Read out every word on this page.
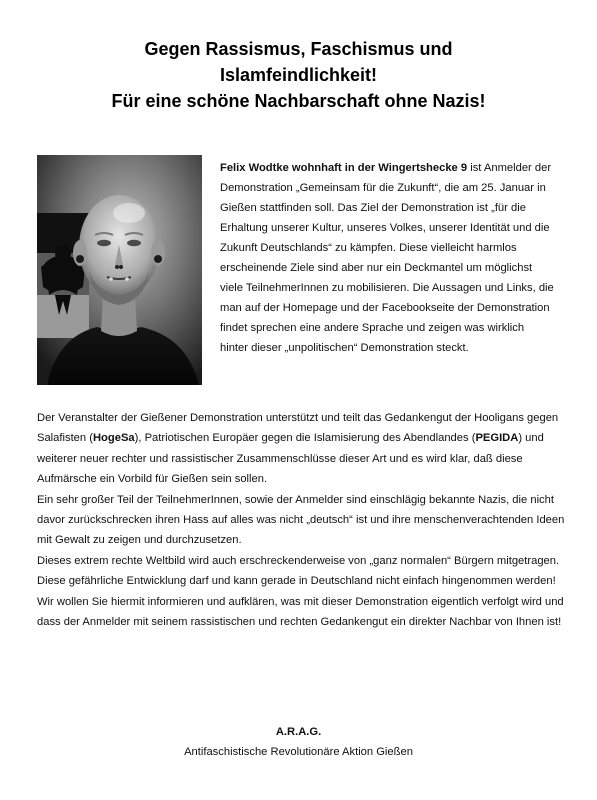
Gegen Rassismus, Faschismus und
Islamfeindlichkeit!
Für eine schöne Nachbarschaft ohne Nazis!

Felix Wodtke wohnhaft in der Wingertshecke 9 ist Anmelder der Demonstration „Gemeinsam für die Zukunft“, die am 25. Januar in Gießen stattfinden soll. Das Ziel der Demonstration ist „für die Erhaltung unserer Kultur, unseres Volkes, unserer Identität und die Zukunft Deutschlands“ zu kämpfen. Diese vielleicht harmlos erscheinende Ziele sind aber nur ein Deckmantel um möglichst viele TeilnehmerInnen zu mobilisieren. Die Aussagen und Links, die man auf der Homepage und der Facebookseite der Demonstration findet sprechen eine andere Sprache und zeigen was wirklich hinter dieser „unpolitischen“ Demonstration steckt.

Der Veranstalter der Gießener Demonstration unterstützt und teilt das Gedankengut der Hooligans gegen Salafisten (HogeSa), Patriotischen Europäer gegen die Islamisierung des Abendlandes (PEGIDA) und weiterer neuer rechter und rassistischer Zusammenschlüsse dieser Art und es wird klar, daß diese Aufmärsche ein Vorbild für Gießen sein sollen.

Ein sehr großer Teil der TeilnehmerInnen, sowie der Anmelder sind einschlägig bekannte Nazis, die nicht davor zurückschrecken ihren Hass auf alles was nicht „deutsch“ ist und ihre menschenverachtenden Ideen mit Gewalt zu zeigen und durchzusetzen.

Dieses extrem rechte Weltbild wird auch erschreckenderweise von „ganz normalen“ Bürgern mitgetragen.

Diese gefährliche Entwicklung darf und kann gerade in Deutschland nicht einfach hingenommen werden! Wir wollen Sie hiermit informieren und aufklären, was mit dieser Demonstration eigentlich verfolgt wird und dass der Anmelder mit seinem rassistischen und rechten Gedankengut ein direkter Nachbar von Ihnen ist!

A.R.A.G.
Antifaschistische Revolutionäre Aktion Gießen
